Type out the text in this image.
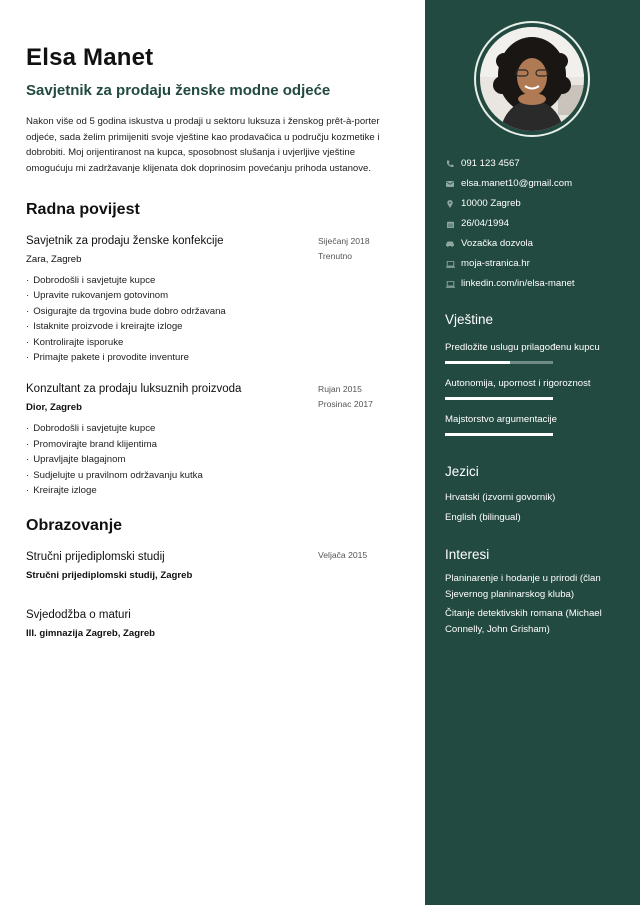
Elsa Manet
Savjetnik za prodaju ženske modne odjeće

Nakon više od 5 godina iskustva u prodaji u sektoru luksuza i ženskog prêt-à-porter odjeće, sada želim primijeniti svoje vještine kao prodavačica u području kozmetike i dobrobiti. Moj orijentiranost na kupca, sposobnost slušanja i uvjerljive vještine omogućuju mi zadržavanje klijenata dok doprinosim povećanju prihoda ustanove.

Radna povijest
Savjetnik za prodaju ženske konfekcije
Zara, Zagreb
Siječanj 2018
Trenutno
· Dobrodošli i savjetujte kupce
· Upravite rukovanjem gotovinom
· Osigurajte da trgovina bude dobro održavana
· Istaknite proizvode i kreirajte izloge
· Kontrolirajte isporuke
· Primajte pakete i provodite inventure
Konzultant za prodaju luksuznih proizvoda
Dior, Zagreb
Rujan 2015
Prosinac 2017
· Dobrodošli i savjetujte kupce
· Promovirajte brand klijentima
· Upravljajte blagajnom
· Sudjelujte u pravilnom održavanju kutka
· Kreirajte izloge
Obrazovanje
Stručni prijediplomski studij
Stručni prijediplomski studij, Zagreb
Veljača 2015
Svjedodžba o maturi
III. gimnazija Zagreb, Zagreb
091 123 4567
elsa.manet10@gmail.com
10000 Zagreb
26/04/1994
Vozačka dozvola
moja-stranica.hr
linkedin.com/in/elsa-manet
Vještine
Predložite uslugu prilagođenu kupcu
Autonomija, upornost i rigoroznost
Majstorstvo argumentacije
Jezici
Hrvatski (izvorni govornik)
English (bilingual)
Interesi
Planinarenje i hodanje u prirodi (član Sjevernog planinarskog kluba)
Čitanje detektivskih romana (Michael Connelly, John Grisham)
